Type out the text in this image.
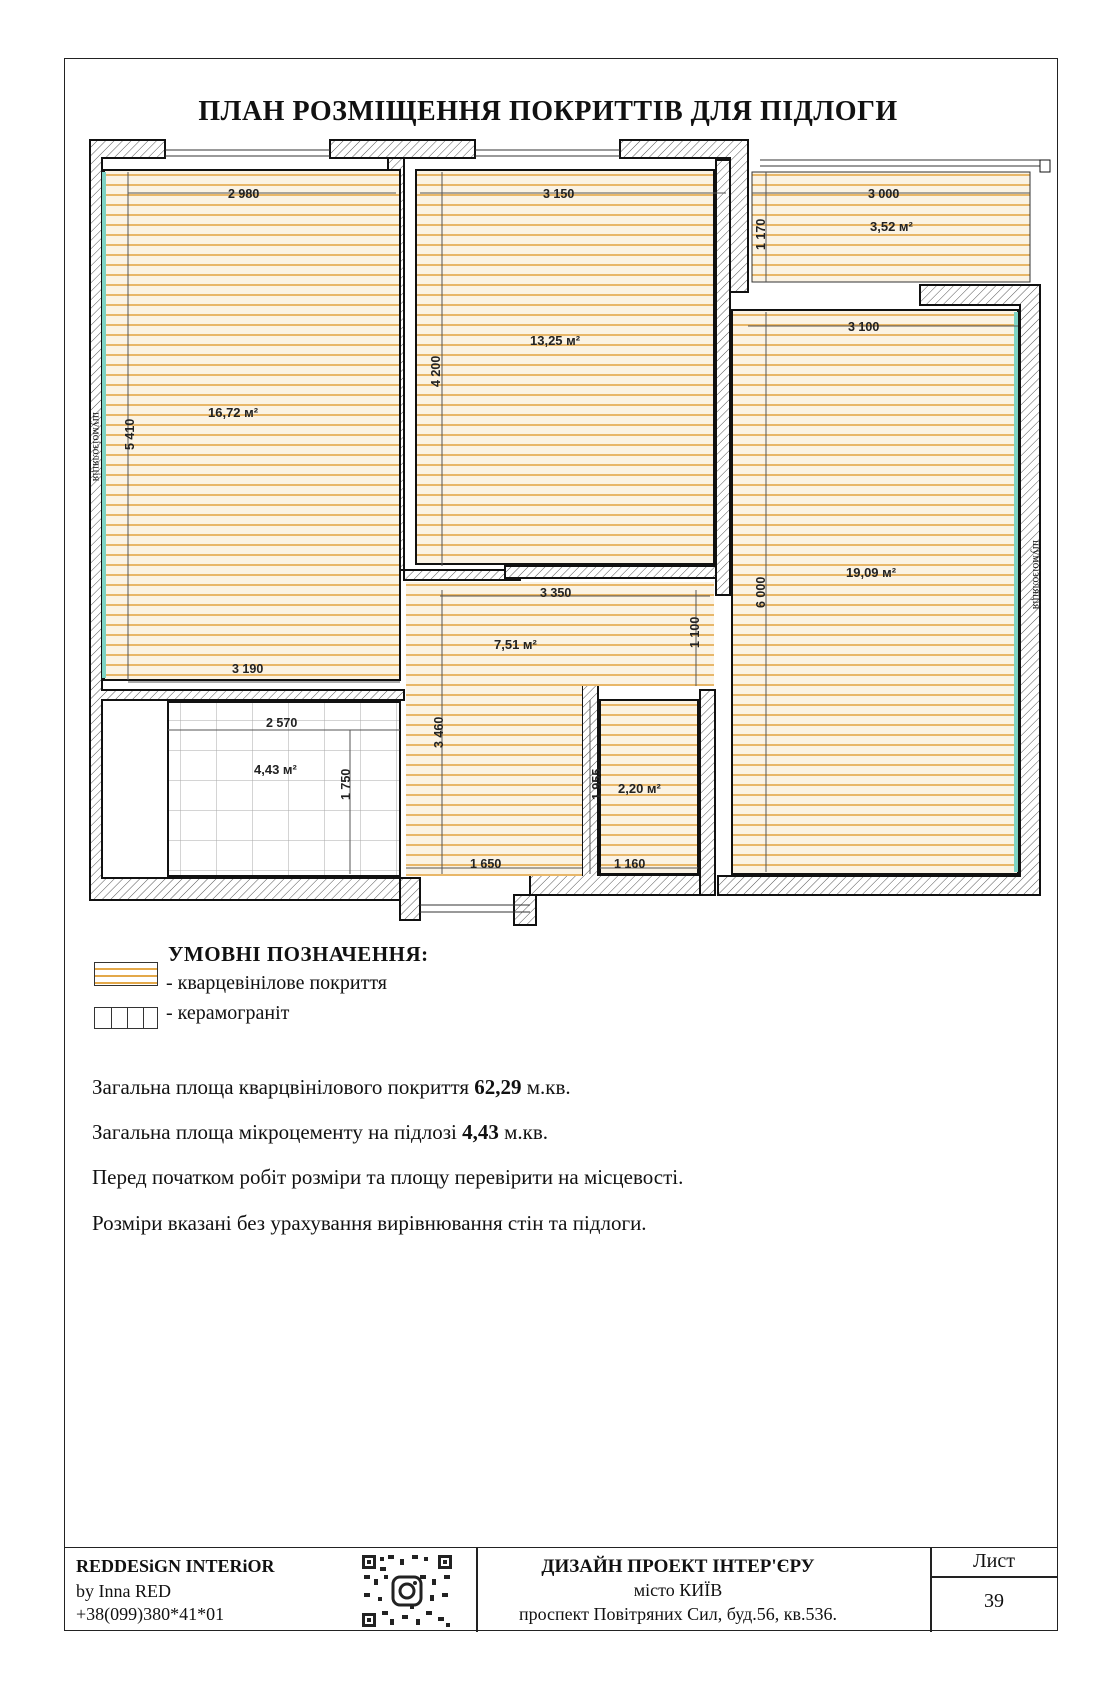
ПЛАН РОЗМІЩЕННЯ ПОКРИТТІВ ДЛЯ ПІДЛОГИ
16,72 м²
13,25 м²
3,52 м²
19,09 м²
7,51 м²
4,43 м²
2,20 м²
2 980	3 150	3 000
3 100
3 190
3 350
2 570
1 650	1 160
5 410
4 200
1 170
6 000
1 100
3 460
1 750	1 955
шумоізоляція
шумоізоляція
УМОВНІ ПОЗНАЧЕННЯ:
- кварцевінілове покриття
- керамограніт
Загальна площа кварцвінілового покриття 62,29 м.кв.
Загальна площа мікроцементу на підлозі 4,43 м.кв.
Перед початком робіт розміри та площу перевірити на місцевості.
Розміри вказані без урахування вирівнювання стін та підлоги.
REDDESiGN INTERiOR
by Inna RED
+38(099)380*41*01
ДИЗАЙН ПРОЕКТ ІНТЕР'ЄРУ
місто КИЇВ
проспект Повітряних Сил, буд.56, кв.536.
Лист
39
